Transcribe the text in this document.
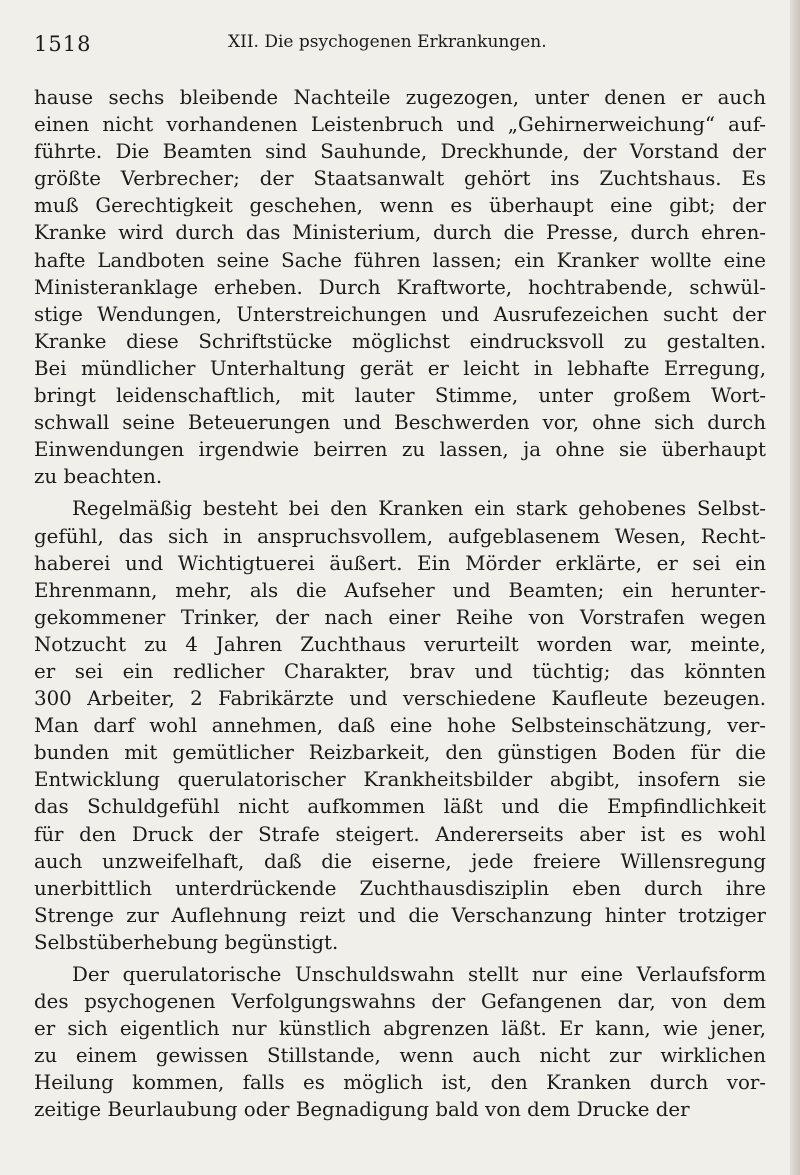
1518	XII. Die psychogenen Erkrankungen.
hause sechs bleibende Nachteile zugezogen, unter denen er auch
einen nicht vorhandenen Leistenbruch und „Gehirnerweichung“ auf-
führte. Die Beamten sind Sauhunde, Dreckhunde, der Vorstand der
größte Verbrecher; der Staatsanwalt gehört ins Zuchtshaus. Es
muß Gerechtigkeit geschehen, wenn es überhaupt eine gibt; der
Kranke wird durch das Ministerium, durch die Presse, durch ehren-
hafte Landboten seine Sache führen lassen; ein Kranker wollte eine
Ministeranklage erheben. Durch Kraftworte, hochtrabende, schwül-
stige Wendungen, Unterstreichungen und Ausrufezeichen sucht der
Kranke diese Schriftstücke möglichst eindrucksvoll zu gestalten.
Bei mündlicher Unterhaltung gerät er leicht in lebhafte Erregung,
bringt leidenschaftlich, mit lauter Stimme, unter großem Wort-
schwall seine Beteuerungen und Beschwerden vor, ohne sich durch
Einwendungen irgendwie beirren zu lassen, ja ohne sie überhaupt
zu beachten.
Regelmäßig besteht bei den Kranken ein stark gehobenes Selbst-
gefühl, das sich in anspruchsvollem, aufgeblasenem Wesen, Recht-
haberei und Wichtigtuerei äußert. Ein Mörder erklärte, er sei ein
Ehrenmann, mehr, als die Aufseher und Beamten; ein herunter-
gekommener Trinker, der nach einer Reihe von Vorstrafen wegen
Notzucht zu 4 Jahren Zuchthaus verurteilt worden war, meinte,
er sei ein redlicher Charakter, brav und tüchtig; das könnten
300 Arbeiter, 2 Fabrikärzte und verschiedene Kaufleute bezeugen.
Man darf wohl annehmen, daß eine hohe Selbsteinschätzung, ver-
bunden mit gemütlicher Reizbarkeit, den günstigen Boden für die
Entwicklung querulatorischer Krankheitsbilder abgibt, insofern sie
das Schuldgefühl nicht aufkommen läßt und die Empfindlichkeit
für den Druck der Strafe steigert. Andererseits aber ist es wohl
auch unzweifelhaft, daß die eiserne, jede freiere Willensregung
unerbittlich unterdrückende Zuchthausdisziplin eben durch ihre
Strenge zur Auflehnung reizt und die Verschanzung hinter trotziger
Selbstüberhebung begünstigt.
Der querulatorische Unschuldswahn stellt nur eine Verlaufsform
des psychogenen Verfolgungswahns der Gefangenen dar, von dem
er sich eigentlich nur künstlich abgrenzen läßt. Er kann, wie jener,
zu einem gewissen Stillstande, wenn auch nicht zur wirklichen
Heilung kommen, falls es möglich ist, den Kranken durch vor-
zeitige Beurlaubung oder Begnadigung bald von dem Drucke der
